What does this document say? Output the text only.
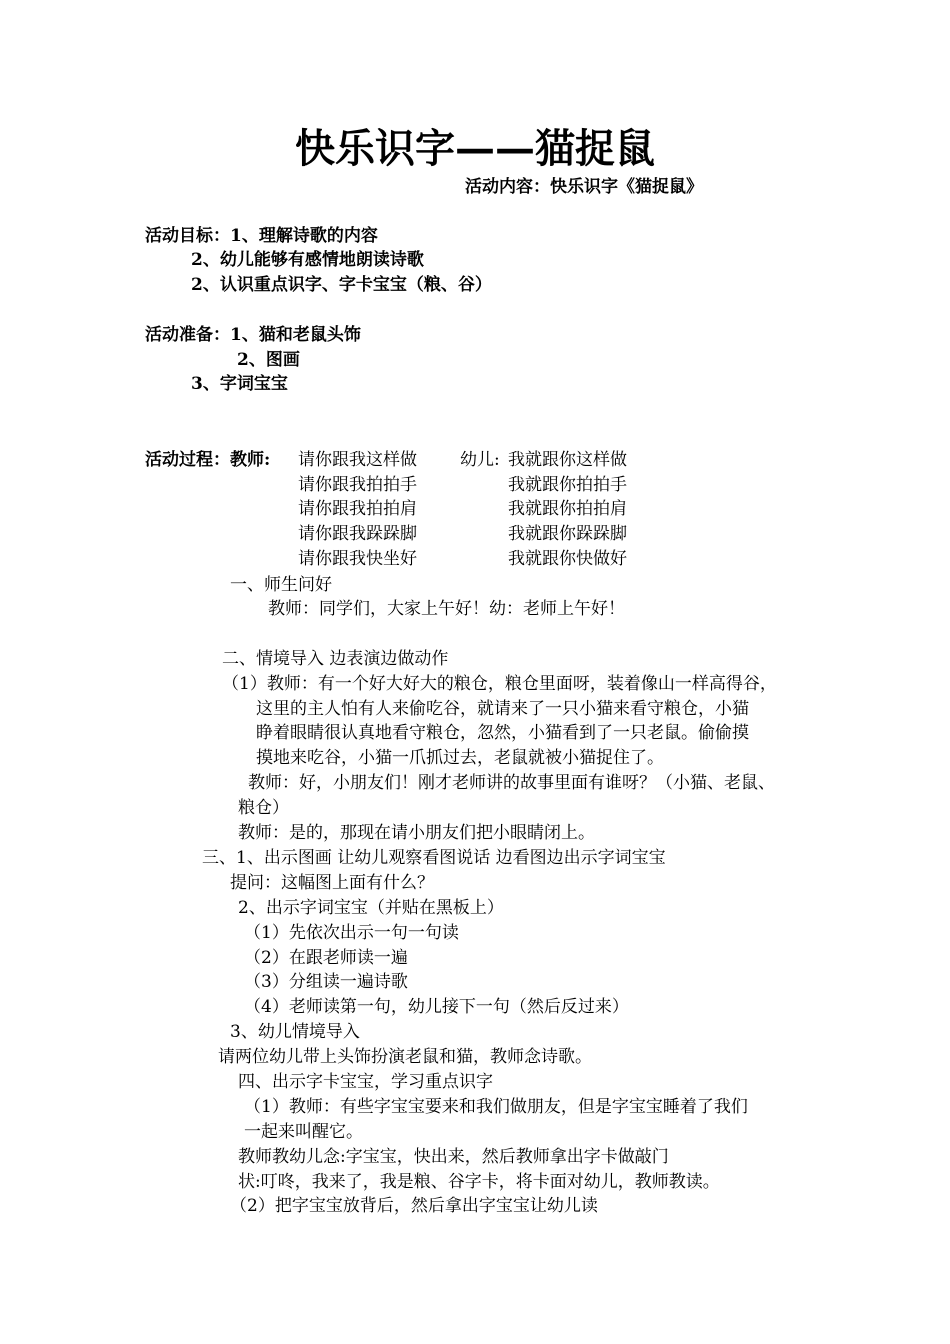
快乐识字——猫捉鼠
活动内容：快乐识字《猫捉鼠》
活动目标：1、理解诗歌的内容
2、幼儿能够有感情地朗读诗歌
2、认识重点识字、字卡宝宝（粮、谷）
活动准备：1、猫和老鼠头饰
2、图画
3、字词宝宝
活动过程：教师: 请你跟我这样做
请你跟我拍拍手
请你跟我拍拍肩
请你跟我跺跺脚
请你跟我快坐好
幼儿: 我就跟你这样做
我就跟你拍拍手
我就跟你拍拍肩
我就跟你跺跺脚
我就跟你快做好
一、师生问好
教师：同学们，大家上午好！幼：老师上午好！
二、情境导入 边表演边做动作
（1）教师：有一个好大好大的粮仓，粮仓里面呀，装着像山一样高得谷，
这里的主人怕有人来偷吃谷，就请来了一只小猫来看守粮仓，小猫
睁着眼睛很认真地看守粮仓，忽然，小猫看到了一只老鼠。偷偷摸
摸地来吃谷，小猫一爪抓过去，老鼠就被小猫捉住了。
教师：好，小朋友们！刚才老师讲的故事里面有谁呀？（小猫、老鼠、
粮仓）
教师：是的，那现在请小朋友们把小眼睛闭上。
三、1、出示图画 让幼儿观察看图说话 边看图边出示字词宝宝
提问：这幅图上面有什么？
2、出示字词宝宝（并贴在黑板上）
（1）先依次出示一句一句读
（2）在跟老师读一遍
（3）分组读一遍诗歌
（4）老师读第一句，幼儿接下一句（然后反过来）
3、幼儿情境导入
请两位幼儿带上头饰扮演老鼠和猫，教师念诗歌。
四、出示字卡宝宝，学习重点识字
（1）教师：有些字宝宝要来和我们做朋友，但是字宝宝睡着了我们
一起来叫醒它。
教师教幼儿念:字宝宝，快出来，然后教师拿出字卡做敲门
状:叮咚，我来了，我是粮、谷字卡，将卡面对幼儿，教师教读。
（2）把字宝宝放背后，然后拿出字宝宝让幼儿读
